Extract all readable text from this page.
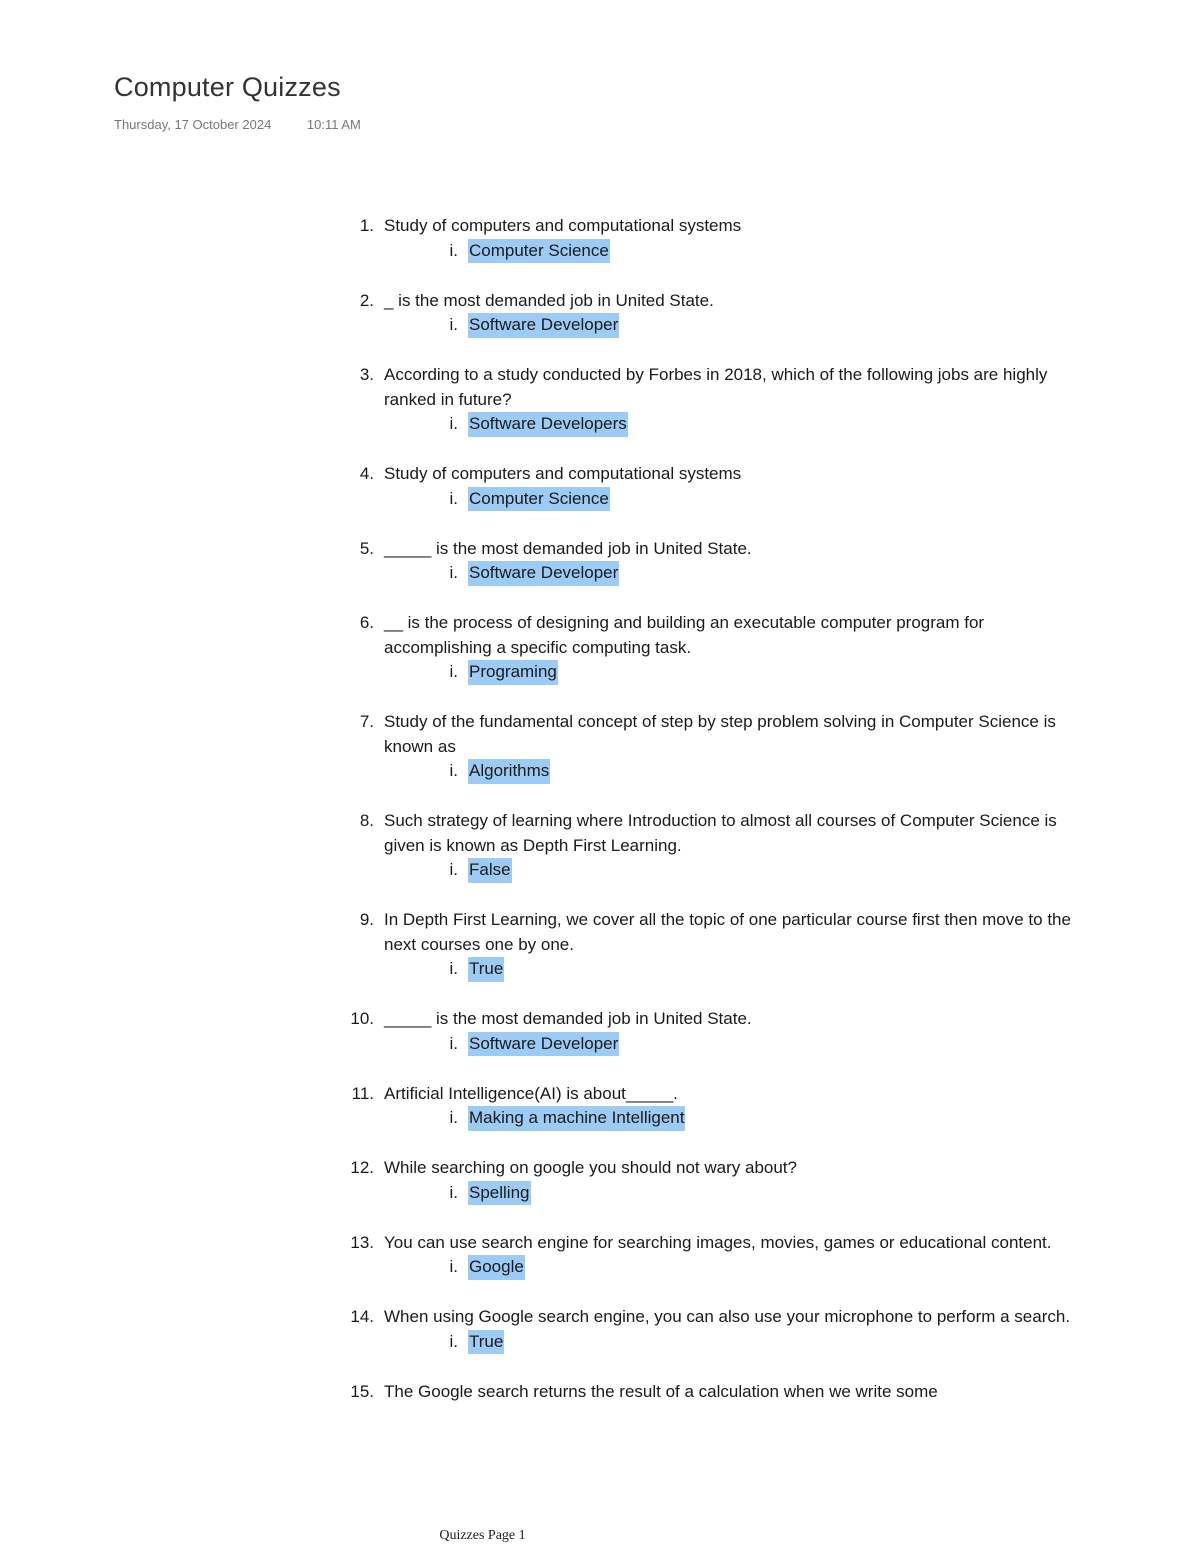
Computer Quizzes
Thursday, 17 October 2024	10:11 AM
1. Study of computers and computational systems
i. Computer Science
2. _ is the most demanded job in United State.
i. Software Developer
3. According to a study conducted by Forbes in 2018, which of the following jobs are highly ranked in future?
i. Software Developers
4. Study of computers and computational systems
i. Computer Science
5. _____ is the most demanded job in United State.
i. Software Developer
6. __ is the process of designing and building an executable computer program for accomplishing a specific computing task.
i. Programing
7. Study of the fundamental concept of step by step problem solving in Computer Science is known as
i. Algorithms
8. Such strategy of learning where Introduction to almost all courses of Computer Science is given is known as Depth First Learning.
i. False
9. In Depth First Learning, we cover all the topic of one particular course first then move to the next courses one by one.
i. True
10. _____ is the most demanded job in United State.
i. Software Developer
11. Artificial Intelligence(AI) is about_____.
i. Making a machine Intelligent
12. While searching on google you should not wary about?
i. Spelling
13. You can use search engine for searching images, movies, games or educational content.
i. Google
14. When using Google search engine, you can also use your microphone to perform a search.
i. True
15. The Google search returns the result of a calculation when we write some
Quizzes Page 1
